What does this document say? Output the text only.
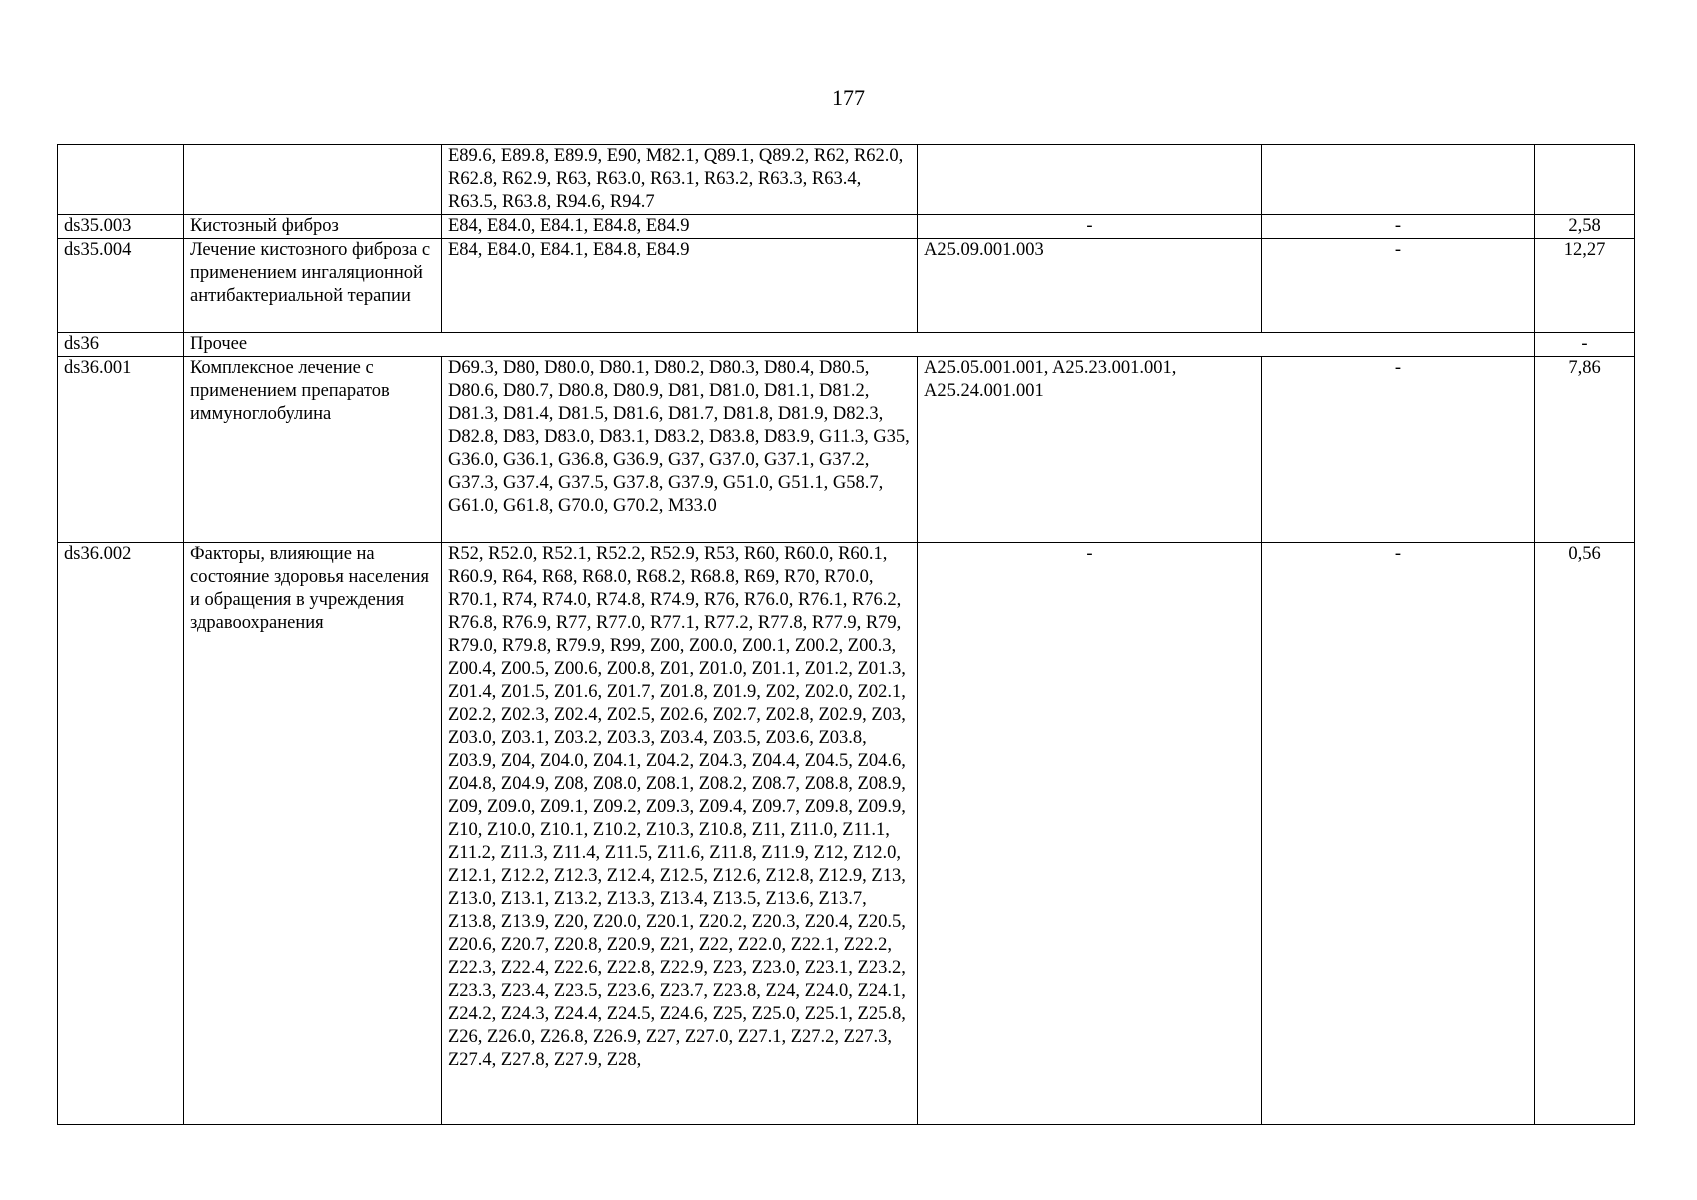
177
		E89.6, E89.8, E89.9, E90, M82.1, Q89.1, Q89.2, R62, R62.0, R62.8, R62.9, R63, R63.0, R63.1, R63.2, R63.3, R63.4, R63.5, R63.8, R94.6, R94.7			
ds35.003	Кистозный фиброз	E84, E84.0, E84.1, E84.8, E84.9	-	-	2,58
ds35.004	Лечение кистозного фиброза с применением ингаляционной антибактериальной терапии	E84, E84.0, E84.1, E84.8, E84.9	A25.09.001.003	-	12,27
ds36	Прочее				-
ds36.001	Комплексное лечение с применением препаратов иммуноглобулина	D69.3, D80, D80.0, D80.1, D80.2, D80.3, D80.4, D80.5, D80.6, D80.7, D80.8, D80.9, D81, D81.0, D81.1, D81.2, D81.3, D81.4, D81.5, D81.6, D81.7, D81.8, D81.9, D82.3, D82.8, D83, D83.0, D83.1, D83.2, D83.8, D83.9, G11.3, G35, G36.0, G36.1, G36.8, G36.9, G37, G37.0, G37.1, G37.2, G37.3, G37.4, G37.5, G37.8, G37.9, G51.0, G51.1, G58.7, G61.0, G61.8, G70.0, G70.2, M33.0	A25.05.001.001, A25.23.001.001, A25.24.001.001	-	7,86
ds36.002	Факторы, влияющие на состояние здоровья населения и обращения в учреждения здравоохранения	R52, R52.0, R52.1, R52.2, R52.9, R53, R60, R60.0, R60.1, R60.9, R64, R68, R68.0, R68.2, R68.8, R69, R70, R70.0, R70.1, R74, R74.0, R74.8, R74.9, R76, R76.0, R76.1, R76.2, R76.8, R76.9, R77, R77.0, R77.1, R77.2, R77.8, R77.9, R79, R79.0, R79.8, R79.9, R99, Z00, Z00.0, Z00.1, Z00.2, Z00.3, Z00.4, Z00.5, Z00.6, Z00.8, Z01, Z01.0, Z01.1, Z01.2, Z01.3, Z01.4, Z01.5, Z01.6, Z01.7, Z01.8, Z01.9, Z02, Z02.0, Z02.1, Z02.2, Z02.3, Z02.4, Z02.5, Z02.6, Z02.7, Z02.8, Z02.9, Z03, Z03.0, Z03.1, Z03.2, Z03.3, Z03.4, Z03.5, Z03.6, Z03.8, Z03.9, Z04, Z04.0, Z04.1, Z04.2, Z04.3, Z04.4, Z04.5, Z04.6, Z04.8, Z04.9, Z08, Z08.0, Z08.1, Z08.2, Z08.7, Z08.8, Z08.9, Z09, Z09.0, Z09.1, Z09.2, Z09.3, Z09.4, Z09.7, Z09.8, Z09.9, Z10, Z10.0, Z10.1, Z10.2, Z10.3, Z10.8, Z11, Z11.0, Z11.1, Z11.2, Z11.3, Z11.4, Z11.5, Z11.6, Z11.8, Z11.9, Z12, Z12.0, Z12.1, Z12.2, Z12.3, Z12.4, Z12.5, Z12.6, Z12.8, Z12.9, Z13, Z13.0, Z13.1, Z13.2, Z13.3, Z13.4, Z13.5, Z13.6, Z13.7, Z13.8, Z13.9, Z20, Z20.0, Z20.1, Z20.2, Z20.3, Z20.4, Z20.5, Z20.6, Z20.7, Z20.8, Z20.9, Z21, Z22, Z22.0, Z22.1, Z22.2, Z22.3, Z22.4, Z22.6, Z22.8, Z22.9, Z23, Z23.0, Z23.1, Z23.2, Z23.3, Z23.4, Z23.5, Z23.6, Z23.7, Z23.8, Z24, Z24.0, Z24.1, Z24.2, Z24.3, Z24.4, Z24.5, Z24.6, Z25, Z25.0, Z25.1, Z25.8, Z26, Z26.0, Z26.8, Z26.9, Z27, Z27.0, Z27.1, Z27.2, Z27.3, Z27.4, Z27.8, Z27.9, Z28,	-	-	0,56
